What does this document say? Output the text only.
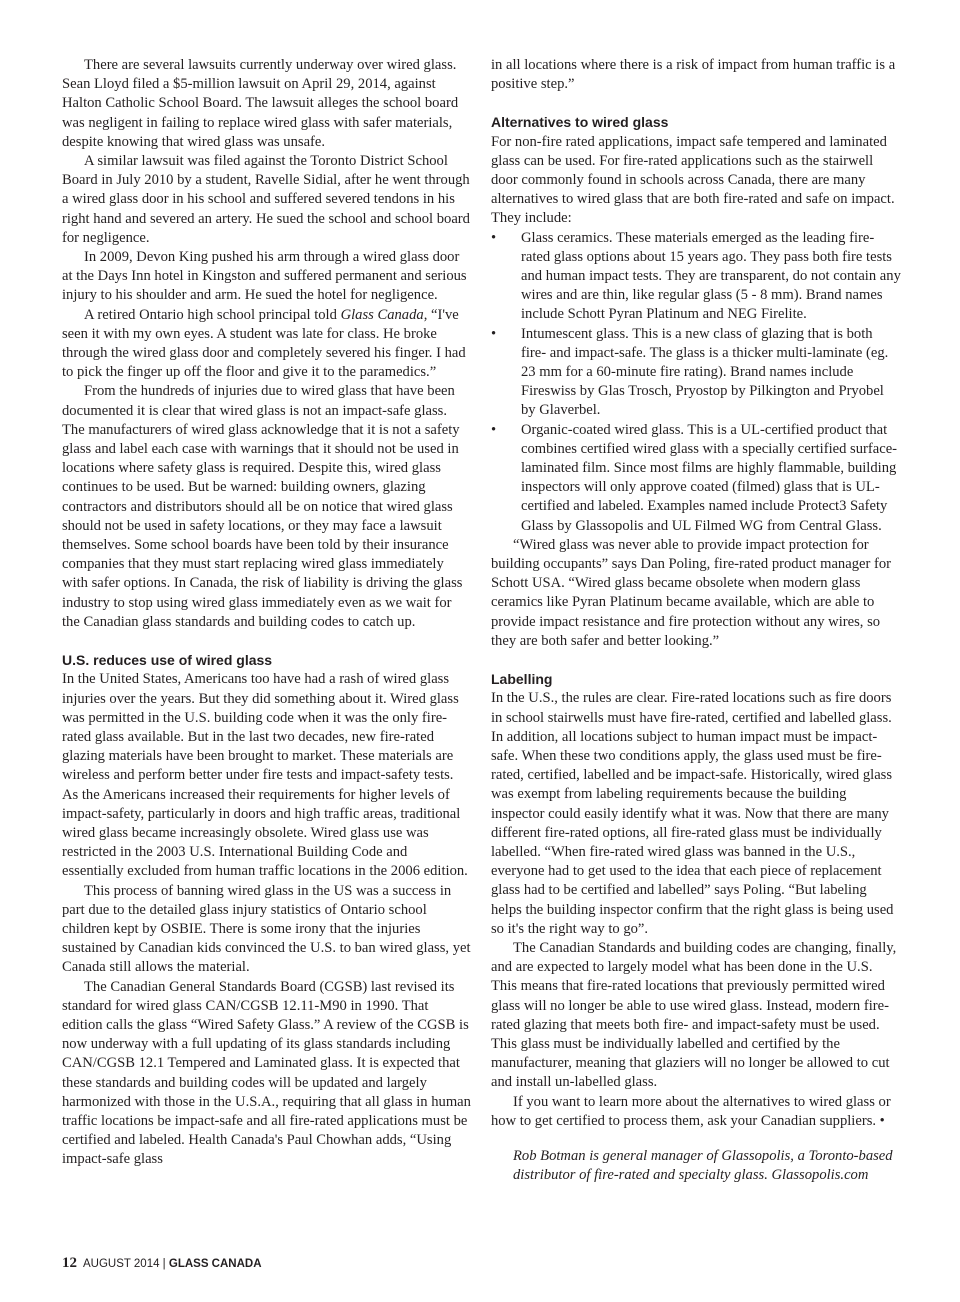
There are several lawsuits currently underway over wired glass. Sean Lloyd filed a $5-million lawsuit on April 29, 2014, against Halton Catholic School Board. The lawsuit alleges the school board was negligent in failing to replace wired glass with safer materials, despite knowing that wired glass was unsafe.

A similar lawsuit was filed against the Toronto District School Board in July 2010 by a student, Ravelle Sidial, after he went through a wired glass door in his school and suffered severed tendons in his right hand and severed an artery. He sued the school and school board for negligence.

In 2009, Devon King pushed his arm through a wired glass door at the Days Inn hotel in Kingston and suffered permanent and serious injury to his shoulder and arm. He sued the hotel for negligence.

A retired Ontario high school principal told Glass Canada, “I've seen it with my own eyes. A student was late for class. He broke through the wired glass door and completely severed his finger. I had to pick the finger up off the floor and give it to the paramedics.”

From the hundreds of injuries due to wired glass that have been documented it is clear that wired glass is not an impact-safe glass. The manufacturers of wired glass acknowledge that it is not a safety glass and label each case with warnings that it should not be used in locations where safety glass is required. Despite this, wired glass continues to be used. But be warned: building owners, glazing contractors and distributors should all be on notice that wired glass should not be used in safety locations, or they may face a lawsuit themselves. Some school boards have been told by their insurance companies that they must start replacing wired glass immediately with safer options. In Canada, the risk of liability is driving the glass industry to stop using wired glass immediately even as we wait for the Canadian glass standards and building codes to catch up.

U.S. reduces use of wired glass

In the United States, Americans too have had a rash of wired glass injuries over the years. But they did something about it. Wired glass was permitted in the U.S. building code when it was the only fire-rated glass available. But in the last two decades, new fire-rated glazing materials have been brought to market. These materials are wireless and perform better under fire tests and impact-safety tests. As the Americans increased their requirements for higher levels of impact-safety, particularly in doors and high traffic areas, traditional wired glass became increasingly obsolete. Wired glass use was restricted in the 2003 U.S. International Building Code and essentially excluded from human traffic locations in the 2006 edition.

This process of banning wired glass in the US was a success in part due to the detailed glass injury statistics of Ontario school children kept by OSBIE. There is some irony that the injuries sustained by Canadian kids convinced the U.S. to ban wired glass, yet Canada still allows the material.

The Canadian General Standards Board (CGSB) last revised its standard for wired glass CAN/CGSB 12.11-M90 in 1990. That edition calls the glass “Wired Safety Glass.” A review of the CGSB is now underway with a full updating of its glass standards including CAN/CGSB 12.1 Tempered and Laminated glass. It is expected that these standards and building codes will be updated and largely harmonized with those in the U.S.A., requiring that all glass in human traffic locations be impact-safe and all fire-rated applications must be certified and labeled. Health Canada's Paul Chowhan adds, “Using impact-safe glass

in all locations where there is a risk of impact from human traffic is a positive step.”

Alternatives to wired glass

For non-fire rated applications, impact safe tempered and laminated glass can be used. For fire-rated applications such as the stairwell door commonly found in schools across Canada, there are many alternatives to wired glass that are both fire-rated and safe on impact. They include:

•	Glass ceramics. These materials emerged as the leading fire-rated glass options about 15 years ago. They pass both fire tests and human impact tests. They are transparent, do not contain any wires and are thin, like regular glass (5 - 8 mm). Brand names include Schott Pyran Platinum and NEG Firelite.
•	Intumescent glass. This is a new class of glazing that is both fire- and impact-safe. The glass is a thicker multi-laminate (eg. 23 mm for a 60-minute fire rating). Brand names include Fireswiss by Glas Trosch, Pryostop by Pilkington and Pryobel by Glaverbel.
•	Organic-coated wired glass. This is a UL-certified product that combines certified wired glass with a specially certified surface-laminated film. Since most films are highly flammable, building inspectors will only approve coated (filmed) glass that is UL-certified and labeled. Examples named include Protect3 Safety Glass by Glassopolis and UL Filmed WG from Central Glass.

“Wired glass was never able to provide impact protection for building occupants” says Dan Poling, fire-rated product manager for Schott USA. “Wired glass became obsolete when modern glass ceramics like Pyran Platinum became available, which are able to provide impact resistance and fire protection without any wires, so they are both safer and better looking.”

Labelling

In the U.S., the rules are clear. Fire-rated locations such as fire doors in school stairwells must have fire-rated, certified and labelled glass. In addition, all locations subject to human impact must be impact-safe. When these two conditions apply, the glass used must be fire-rated, certified, labelled and be impact-safe. Historically, wired glass was exempt from labeling requirements because the building inspector could easily identify what it was. Now that there are many different fire-rated options, all fire-rated glass must be individually labelled. “When fire-rated wired glass was banned in the U.S., everyone had to get used to the idea that each piece of replacement glass had to be certified and labelled” says Poling. “But labeling helps the building inspector confirm that the right glass is being used so it's the right way to go”.

The Canadian Standards and building codes are changing, finally, and are expected to largely model what has been done in the U.S. This means that fire-rated locations that previously permitted wired glass will no longer be able to use wired glass. Instead, modern fire-rated glazing that meets both fire- and impact-safety must be used. This glass must be individually labelled and certified by the manufacturer, meaning that glaziers will no longer be allowed to cut and install un-labelled glass.

If you want to learn more about the alternatives to wired glass or how to get certified to process them, ask your Canadian suppliers. •

Rob Botman is general manager of Glassopolis, a Toronto-based distributor of fire-rated and specialty glass. Glassopolis.com

12 AUGUST 2014 | GLASS CANADA
